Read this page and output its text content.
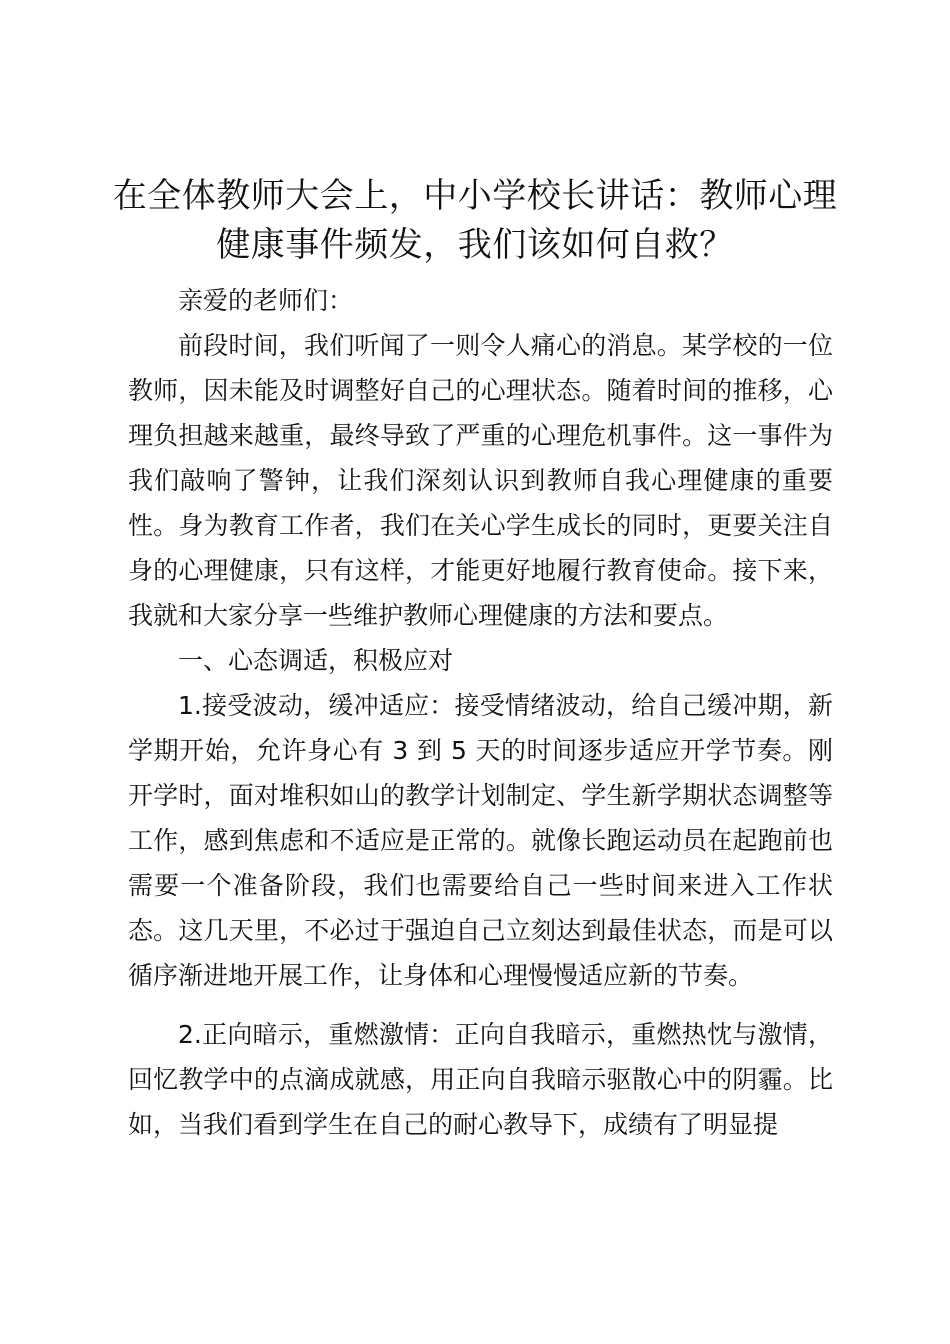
在全体教师大会上，中小学校长讲话：教师心理健康事件频发，我们该如何自救？

亲爱的老师们：

前段时间，我们听闻了一则令人痛心的消息。某学校的一位教师，因未能及时调整好自己的心理状态。随着时间的推移，心理负担越来越重，最终导致了严重的心理危机事件。这一事件为我们敲响了警钟，让我们深刻认识到教师自我心理健康的重要性。身为教育工作者，我们在关心学生成长的同时，更要关注自身的心理健康，只有这样，才能更好地履行教育使命。接下来，我就和大家分享一些维护教师心理健康的方法和要点。

一、心态调适，积极应对

1.接受波动，缓冲适应：接受情绪波动，给自己缓冲期，新学期开始，允许身心有 3 到 5 天的时间逐步适应开学节奏。刚开学时，面对堆积如山的教学计划制定、学生新学期状态调整等工作，感到焦虑和不适应是正常的。就像长跑运动员在起跑前也需要一个准备阶段，我们也需要给自己一些时间来进入工作状态。这几天里，不必过于强迫自己立刻达到最佳状态，而是可以循序渐进地开展工作，让身体和心理慢慢适应新的节奏。

2.正向暗示，重燃激情：正向自我暗示，重燃热忱与激情，回忆教学中的点滴成就感，用正向自我暗示驱散心中的阴霾。比如，当我们看到学生在自己的耐心教导下，成绩有了明显提
